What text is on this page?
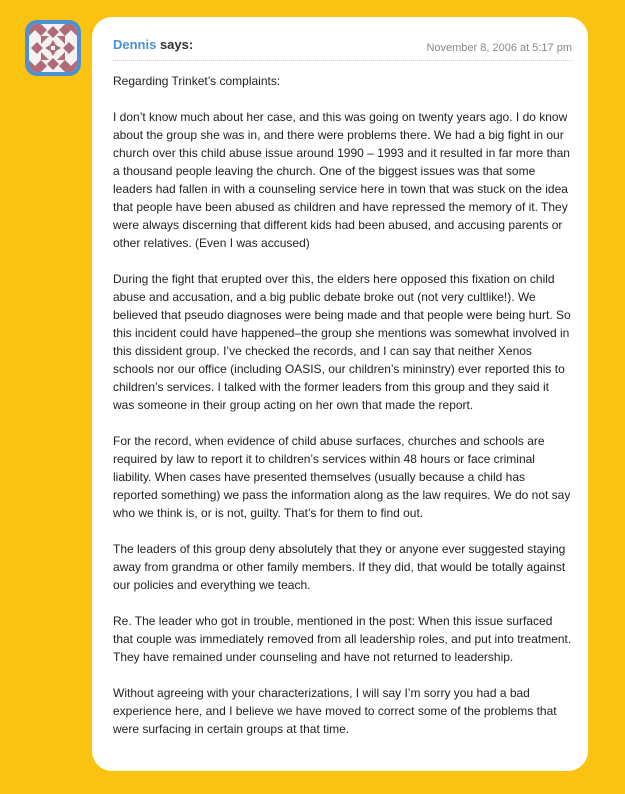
Dennis says:	November 8, 2006 at 5:17 pm

Regarding Trinket’s complaints:

I don’t know much about her case, and this was going on twenty years ago. I do know about the group she was in, and there were problems there. We had a big fight in our church over this child abuse issue around 1990 – 1993 and it resulted in far more than a thousand people leaving the church. One of the biggest issues was that some leaders had fallen in with a counseling service here in town that was stuck on the idea that people have been abused as children and have repressed the memory of it. They were always discerning that different kids had been abused, and accusing parents or other relatives. (Even I was accused)

During the fight that erupted over this, the elders here opposed this fixation on child abuse and accusation, and a big public debate broke out (not very cultlike!). We believed that pseudo diagnoses were being made and that people were being hurt. So this incident could have happened–the group she mentions was somewhat involved in this dissident group. I’ve checked the records, and I can say that neither Xenos schools nor our office (including OASIS, our children’s mininstry) ever reported this to children’s services. I talked with the former leaders from this group and they said it was someone in their group acting on her own that made the report.

For the record, when evidence of child abuse surfaces, churches and schools are required by law to report it to children’s services within 48 hours or face criminal liability. When cases have presented themselves (usually because a child has reported something) we pass the information along as the law requires. We do not say who we think is, or is not, guilty. That’s for them to find out.

The leaders of this group deny absolutely that they or anyone ever suggested staying away from grandma or other family members. If they did, that would be totally against our policies and everything we teach.

Re. The leader who got in trouble, mentioned in the post: When this issue surfaced that couple was immediately removed from all leadership roles, and put into treatment. They have remained under counseling and have not returned to leadership.

Without agreeing with your characterizations, I will say I’m sorry you had a bad experience here, and I believe we have moved to correct some of the problems that were surfacing in certain groups at that time.
